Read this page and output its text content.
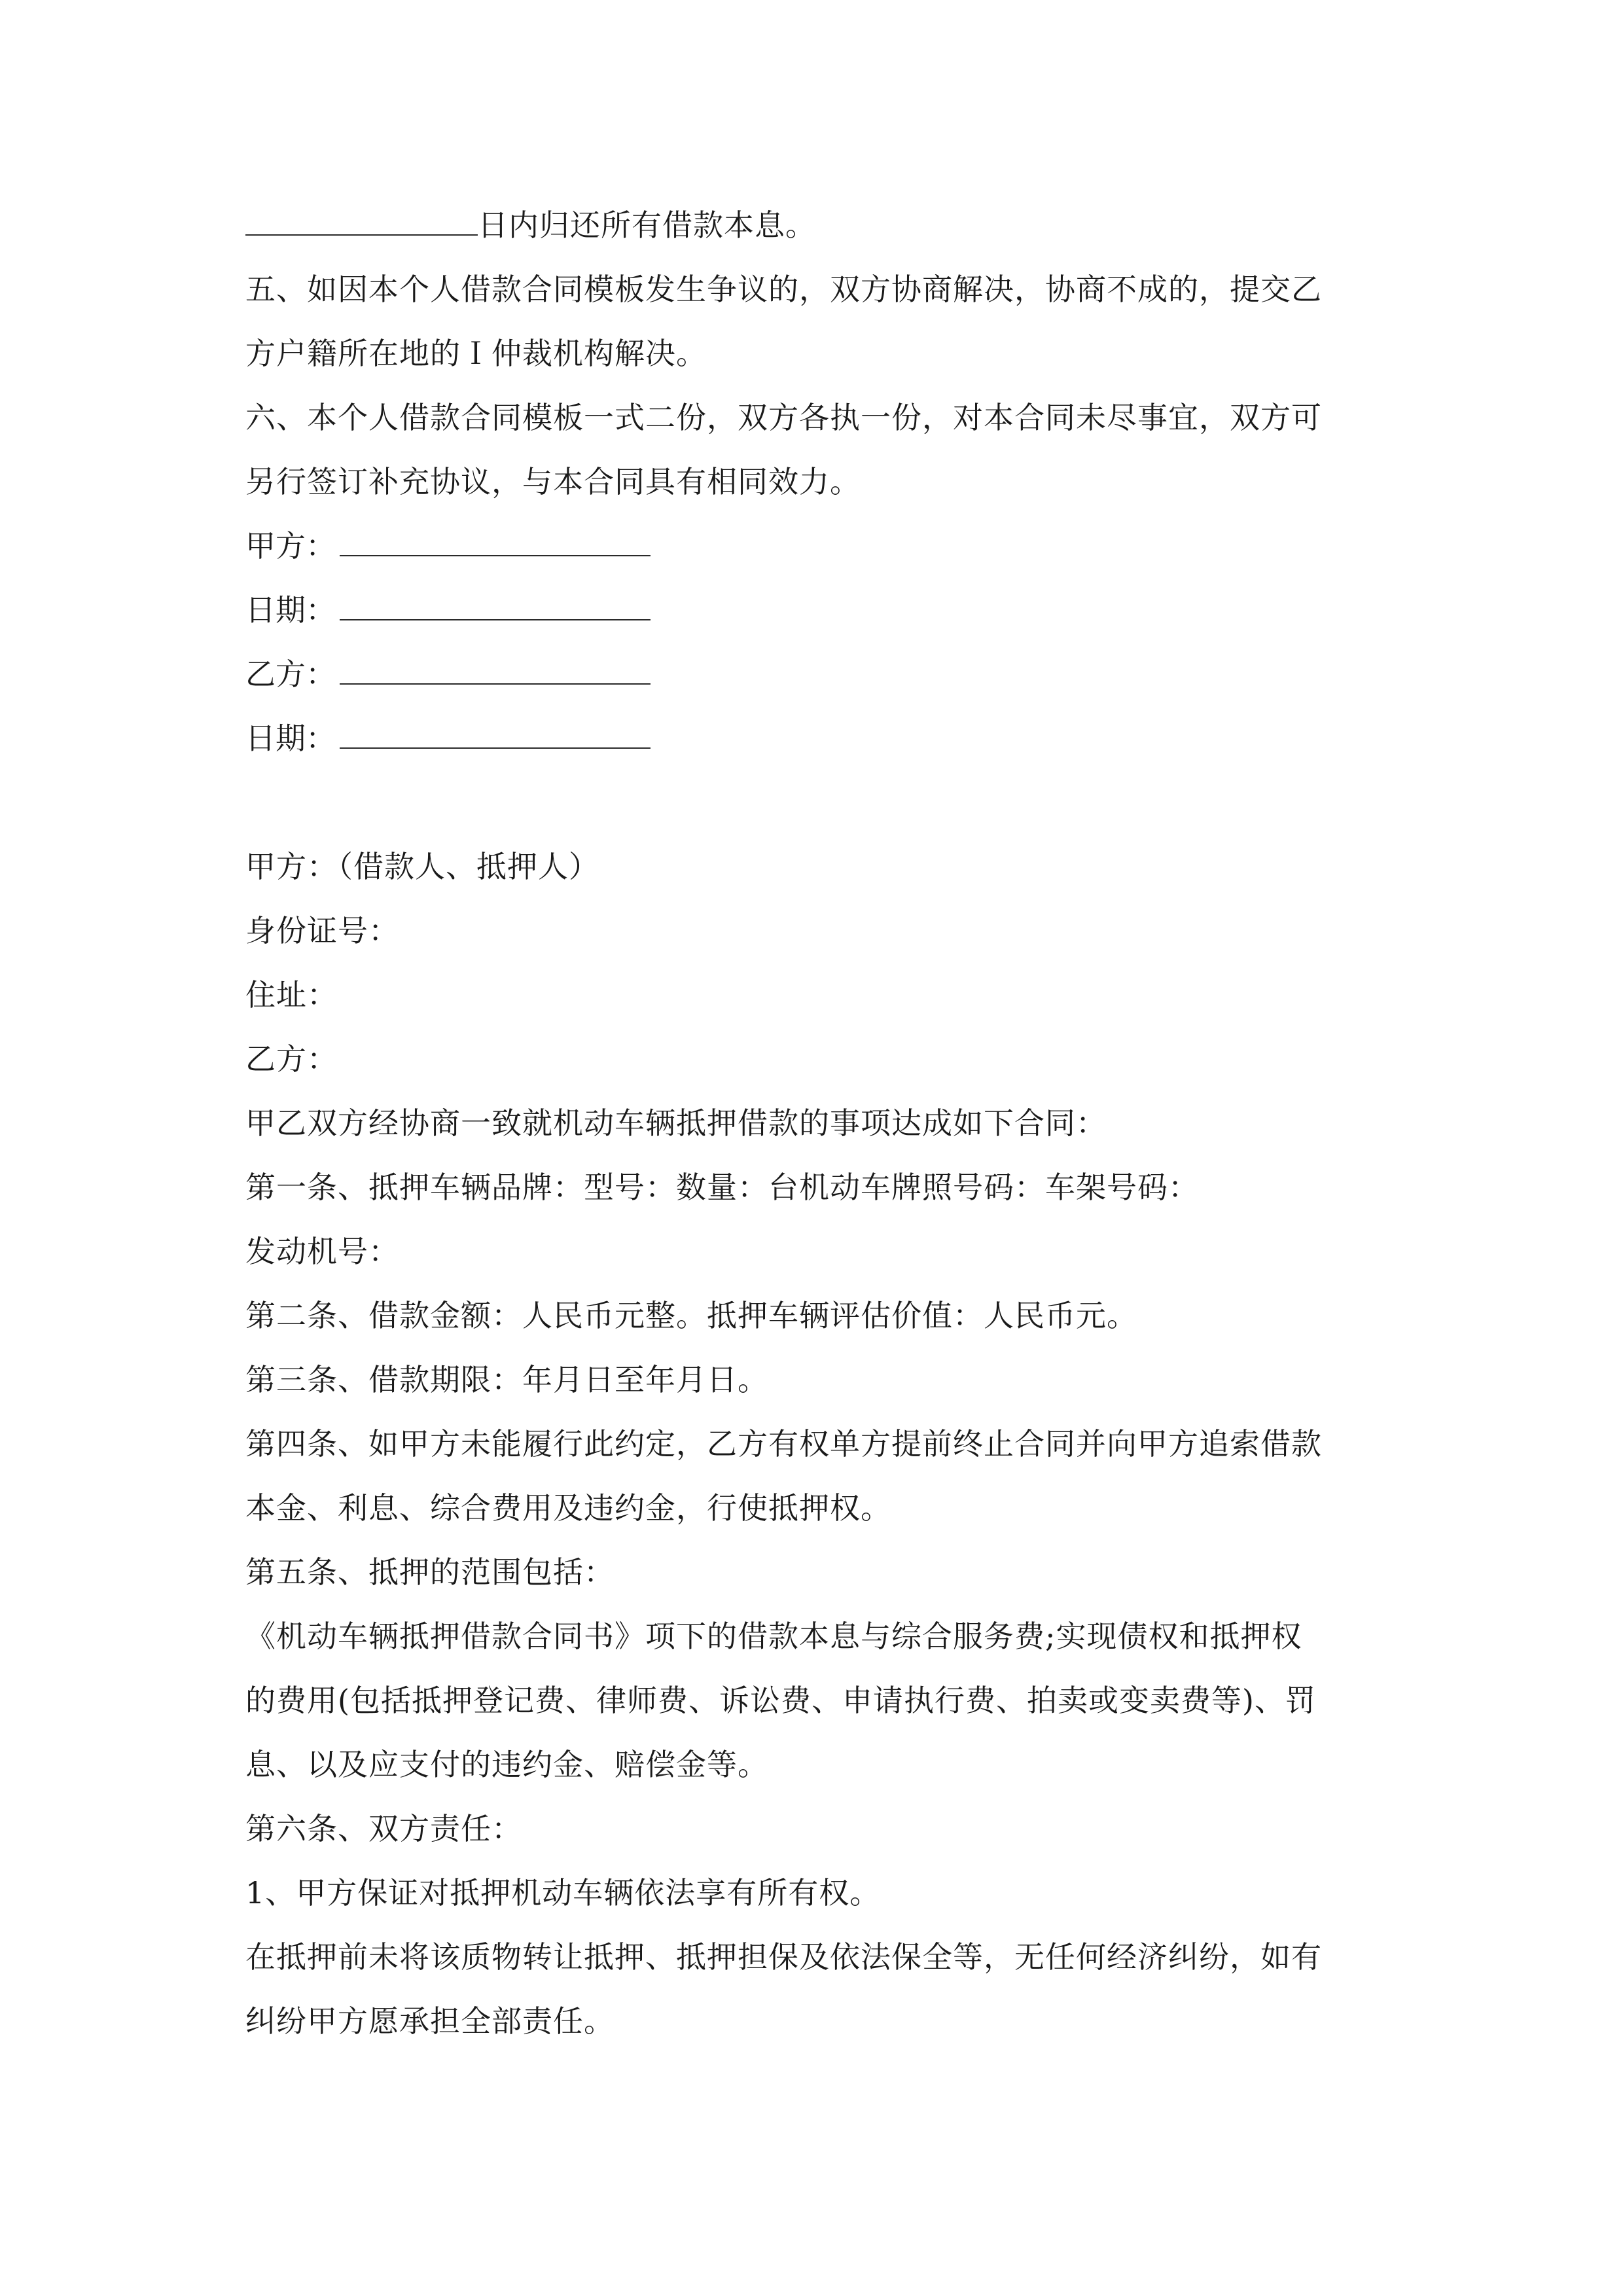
日内归还所有借款本息。
五、如因本个人借款合同模板发生争议的，双方协商解决，协商不成的，提交乙
方户籍所在地的Ｉ仲裁机构解决。
六、本个人借款合同模板一式二份，双方各执一份，对本合同未尽事宜，双方可
另行签订补充协议，与本合同具有相同效力。
甲方：
日期：
乙方：
日期：
甲方：（借款人、抵押人）
身份证号：
住址：
乙方：
甲乙双方经协商一致就机动车辆抵押借款的事项达成如下合同：
第一条、抵押车辆品牌：型号：数量：台机动车牌照号码：车架号码：
发动机号：
第二条、借款金额：人民币元整。抵押车辆评估价值：人民币元。
第三条、借款期限：年月日至年月日。
第四条、如甲方未能履行此约定，乙方有权单方提前终止合同并向甲方追索借款
本金、利息、综合费用及违约金，行使抵押权。
第五条、抵押的范围包括：
《机动车辆抵押借款合同书》项下的借款本息与综合服务费;实现债权和抵押权
的费用(包括抵押登记费、律师费、诉讼费、申请执行费、拍卖或变卖费等)、罚
息、以及应支付的违约金、赔偿金等。
第六条、双方责任：
1、甲方保证对抵押机动车辆依法享有所有权。
在抵押前未将该质物转让抵押、抵押担保及依法保全等，无任何经济纠纷，如有
纠纷甲方愿承担全部责任。
